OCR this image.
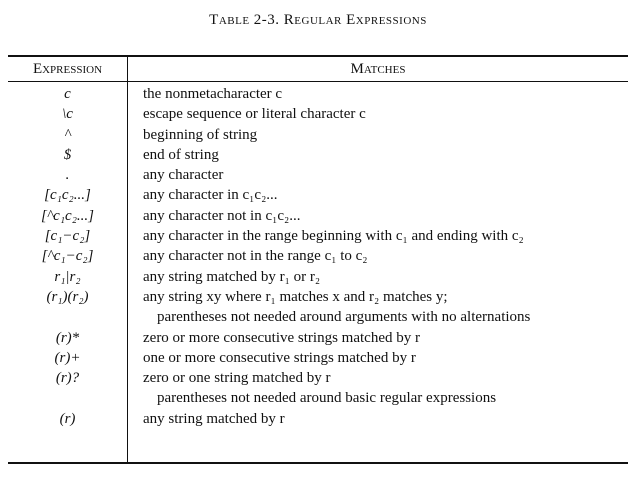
Table 2-3. Regular Expressions
Expression	Matches
c	the nonmetacharacter c
\c	escape sequence or literal character c
^	beginning of string
$	end of string
.	any character
[c₁c₂...]	any character in c₁c₂...
[^c₁c₂...]	any character not in c₁c₂...
[c₁−c₂]	any character in the range beginning with c₁ and ending with c₂
[^c₁−c₂]	any character not in the range c₁ to c₂
r₁|r₂	any string matched by r₁ or r₂
(r₁)(r₂)	any string xy where r₁ matches x and r₂ matches y;
parentheses not needed around arguments with no alternations
(r)*	zero or more consecutive strings matched by r
(r)+	one or more consecutive strings matched by r
(r)?	zero or one string matched by r
parentheses not needed around basic regular expressions
(r)	any string matched by r
